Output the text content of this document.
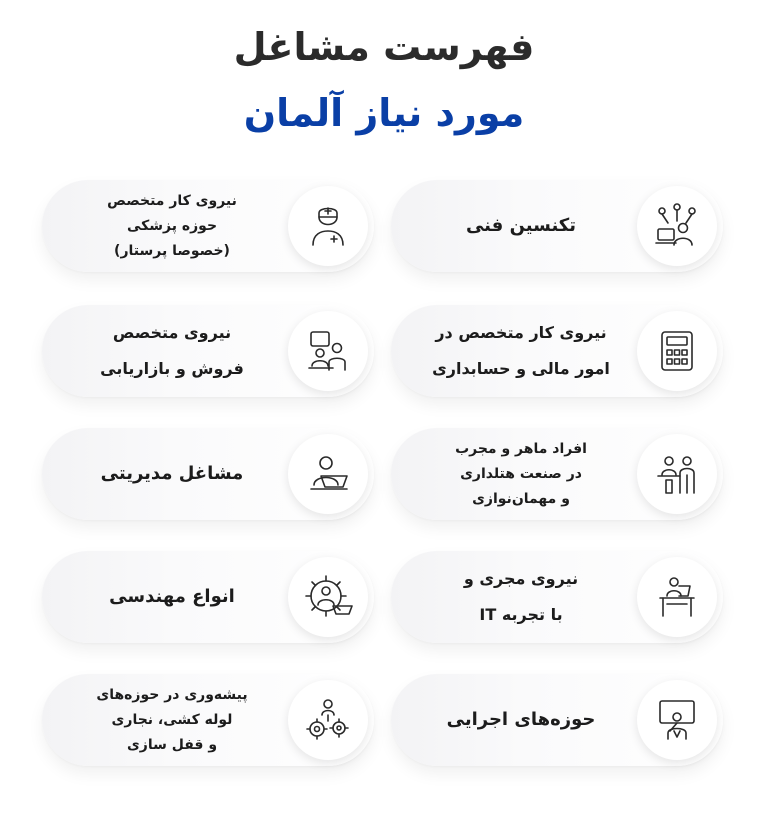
فهرست مشاغل
مورد نیاز آلمان
تکنسین فنی
نیروی کار متخصص
حوزه پزشکی
(خصوصا پرستار)
نیروی کار متخصص در
امور مالی و حسابداری
نیروی متخصص
فروش و بازاریابی
افراد ماهر و مجرب
در صنعت هتلداری
و مهمان‌نوازی
مشاغل مدیریتی
نیروی مجری و
با تجربه IT
انواع مهندسی
حوزه‌های اجرایی
پیشه‌وری در حوزه‌های
لوله کشی، نجاری
و قفل سازی
